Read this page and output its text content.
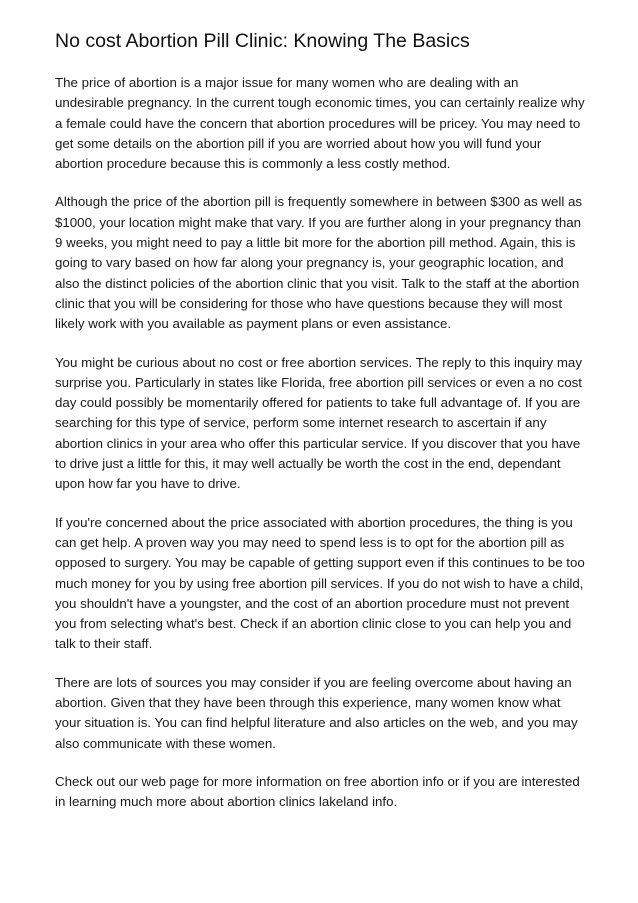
No cost Abortion Pill Clinic: Knowing The Basics

The price of abortion is a major issue for many women who are dealing with an undesirable pregnancy. In the current tough economic times, you can certainly realize why a female could have the concern that abortion procedures will be pricey. You may need to get some details on the abortion pill if you are worried about how you will fund your abortion procedure because this is commonly a less costly method.

Although the price of the abortion pill is frequently somewhere in between $300 as well as $1000, your location might make that vary. If you are further along in your pregnancy than 9 weeks, you might need to pay a little bit more for the abortion pill method. Again, this is going to vary based on how far along your pregnancy is, your geographic location, and also the distinct policies of the abortion clinic that you visit. Talk to the staff at the abortion clinic that you will be considering for those who have questions because they will most likely work with you available as payment plans or even assistance.

You might be curious about no cost or free abortion services. The reply to this inquiry may surprise you. Particularly in states like Florida, free abortion pill services or even a no cost day could possibly be momentarily offered for patients to take full advantage of. If you are searching for this type of service, perform some internet research to ascertain if any abortion clinics in your area who offer this particular service. If you discover that you have to drive just a little for this, it may well actually be worth the cost in the end, dependant upon how far you have to drive.

If you're concerned about the price associated with abortion procedures, the thing is you can get help. A proven way you may need to spend less is to opt for the abortion pill as opposed to surgery. You may be capable of getting support even if this continues to be too much money for you by using free abortion pill services. If you do not wish to have a child, you shouldn't have a youngster, and the cost of an abortion procedure must not prevent you from selecting what's best. Check if an abortion clinic close to you can help you and talk to their staff.

There are lots of sources you may consider if you are feeling overcome about having an abortion. Given that they have been through this experience, many women know what your situation is. You can find helpful literature and also articles on the web, and you may also communicate with these women.

Check out our web page for more information on free abortion info or if you are interested in learning much more about abortion clinics lakeland info.
